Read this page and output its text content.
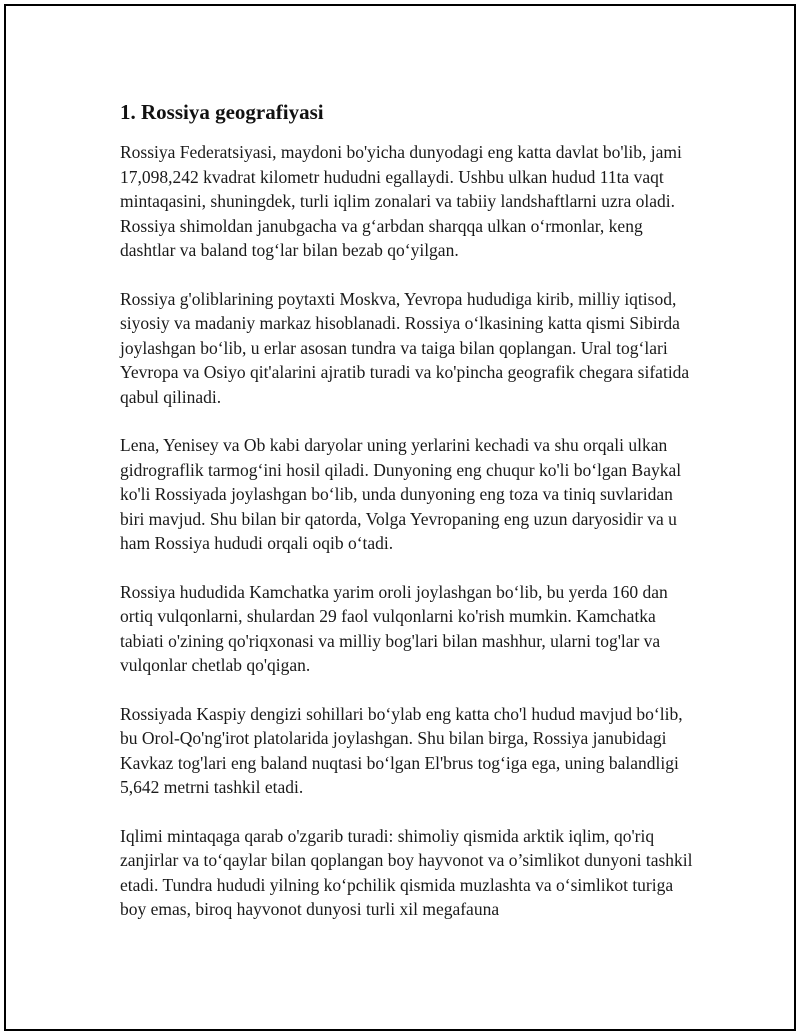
1. Rossiya geografiyasi

Rossiya Federatsiyasi, maydoni bo'yicha dunyodagi eng katta davlat bo'lib, jami 17,098,242 kvadrat kilometr hududni egallaydi. Ushbu ulkan hudud 11ta vaqt mintaqasini, shuningdek, turli iqlim zonalari va tabiiy landshaftlarni uzra oladi. Rossiya shimoldan janubgacha va g‘arbdan sharqqa ulkan o‘rmonlar, keng dashtlar va baland tog‘lar bilan bezab qo‘yilgan.

Rossiya g'oliblarining poytaxti Moskva, Yevropa hududiga kirib, milliy iqtisod, siyosiy va madaniy markaz hisoblanadi. Rossiya o‘lkasining katta qismi Sibirda joylashgan bo‘lib, u erlar asosan tundra va taiga bilan qoplangan. Ural tog‘lari Yevropa va Osiyo qit'alarini ajratib turadi va ko'pincha geografik chegara sifatida qabul qilinadi.

Lena, Yenisey va Ob kabi daryolar uning yerlarini kechadi va shu orqali ulkan gidrograflik tarmog‘ini hosil qiladi. Dunyoning eng chuqur ko'li bo‘lgan Baykal ko'li Rossiyada joylashgan bo‘lib, unda dunyoning eng toza va tiniq suvlaridan biri mavjud. Shu bilan bir qatorda, Volga Yevropaning eng uzun daryosidir va u ham Rossiya hududi orqali oqib o‘tadi.

Rossiya hududida Kamchatka yarim oroli joylashgan bo‘lib, bu yerda 160 dan ortiq vulqonlarni, shulardan 29 faol vulqonlarni ko'rish mumkin. Kamchatka tabiati o'zining qo'riqxonasi va milliy bog'lari bilan mashhur, ularni tog'lar va vulqonlar chetlab qo'qigan.

Rossiyada Kaspiy dengizi sohillari bo‘ylab eng katta cho'l hudud mavjud bo‘lib, bu Orol-Qo'ng'irot platolarida joylashgan. Shu bilan birga, Rossiya janubidagi Kavkaz tog'lari eng baland nuqtasi bo‘lgan El'brus tog‘iga ega, uning balandligi 5,642 metrni tashkil etadi.

Iqlimi mintaqaga qarab o'zgarib turadi: shimoliy qismida arktik iqlim, qo'riq zanjirlar va to‘qaylar bilan qoplangan boy hayvonot va o’simlikot dunyoni tashkil etadi. Tundra hududi yilning ko‘pchilik qismida muzlashta va o‘simlikot turiga boy emas, biroq hayvonot dunyosi turli xil megafauna
